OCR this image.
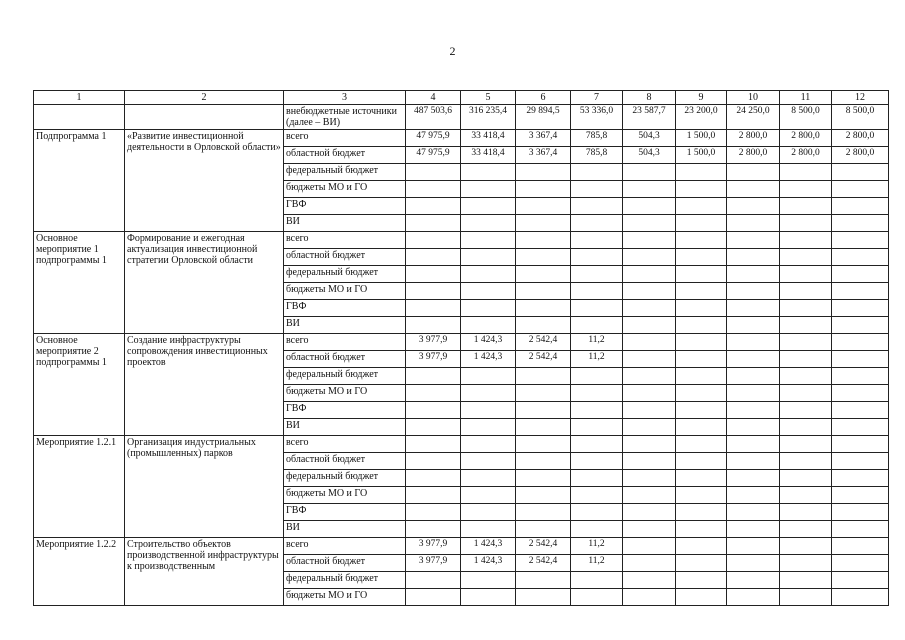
2
1	2	3	4	5	6	7	8	9	10	11	12
		внебюджетные источники (далее – ВИ)	487 503,6	316 235,4	29 894,5	53 336,0	23 587,7	23 200,0	24 250,0	8 500,0	8 500,0
Подпрограмма 1	«Развитие инвестиционной деятельности в Орловской области»	всего	47 975,9	33 418,4	3 367,4	785,8	504,3	1 500,0	2 800,0	2 800,0	2 800,0
		областной бюджет	47 975,9	33 418,4	3 367,4	785,8	504,3	1 500,0	2 800,0	2 800,0	2 800,0
		федеральный бюджет									
		бюджеты МО и ГО									
		ГВФ									
		ВИ									
Основное мероприятие 1 подпрограммы 1	Формирование и ежегодная актуализация инвестиционной стратегии Орловской области	всего									
		областной бюджет									
		федеральный бюджет									
		бюджеты МО и ГО									
		ГВФ									
		ВИ									
Основное мероприятие 2 подпрограммы 1	Создание инфраструктуры сопровождения инвестиционных проектов	всего	3 977,9	1 424,3	2 542,4	11,2					
		областной бюджет	3 977,9	1 424,3	2 542,4	11,2					
		федеральный бюджет									
		бюджеты МО и ГО									
		ГВФ									
		ВИ									
Мероприятие 1.2.1	Организация индустриальных (промышленных) парков	всего									
		областной бюджет									
		федеральный бюджет									
		бюджеты МО и ГО									
		ГВФ									
		ВИ									
Мероприятие 1.2.2	Строительство объектов производственной инфраструктуры к производственным	всего	3 977,9	1 424,3	2 542,4	11,2					
		областной бюджет	3 977,9	1 424,3	2 542,4	11,2					
		федеральный бюджет									
		бюджеты МО и ГО									
